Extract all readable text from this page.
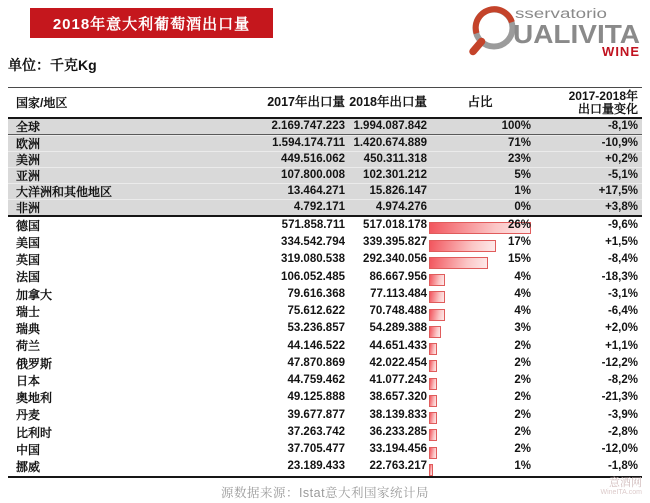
2018年意大利葡萄酒出口量
sservatorio
UALIVITA
WINE
单位：千克Kg
国家/地区	2017年出口量 2018年出口量	占比	2017-2018年
出口量变化
全球	2.169.747.223 1.994.087.842	100%	-8,1%
欧洲	1.594.174.711 1.420.674.889	71%	-10,9%
美洲	449.516.062	450.311.318	23%	+0,2%
亚洲	107.800.008	102.301.212	5%	-5,1%
大洋洲和其他地区	13.464.271	15.826.147	1%	+17,5%
非洲	4.792.171	4.974.276	0%	+3,8%
德国	571.858.711	517.018.178	26%	-9,6%
美国	334.542.794	339.395.827	17%	+1,5%
英国	319.080.538	292.340.056	15%	-8,4%
法国	106.052.485	86.667.956	4%	-18,3%
加拿大	79.616.368	77.113.484	4%	-3,1%
瑞士	75.612.622	70.748.488	4%	-6,4%
瑞典	53.236.857	54.289.388	3%	+2,0%
荷兰	44.146.522	44.651.433	2%	+1,1%
俄罗斯	47.870.869	42.022.454	2%	-12,2%
日本	44.759.462	41.077.243	2%	-8,2%
奥地利	49.125.888	38.657.320	2%	-21,3%
丹麦	39.677.877	38.139.833	2%	-3,9%
比利时	37.263.742	36.233.285	2%	-2,8%
中国	37.705.477	33.194.456	2%	-12,0%
挪威	23.189.433	22.763.217	1%	-1,8%
源数据来源：Istat意大利国家统计局
意酒网
WineITA.com
